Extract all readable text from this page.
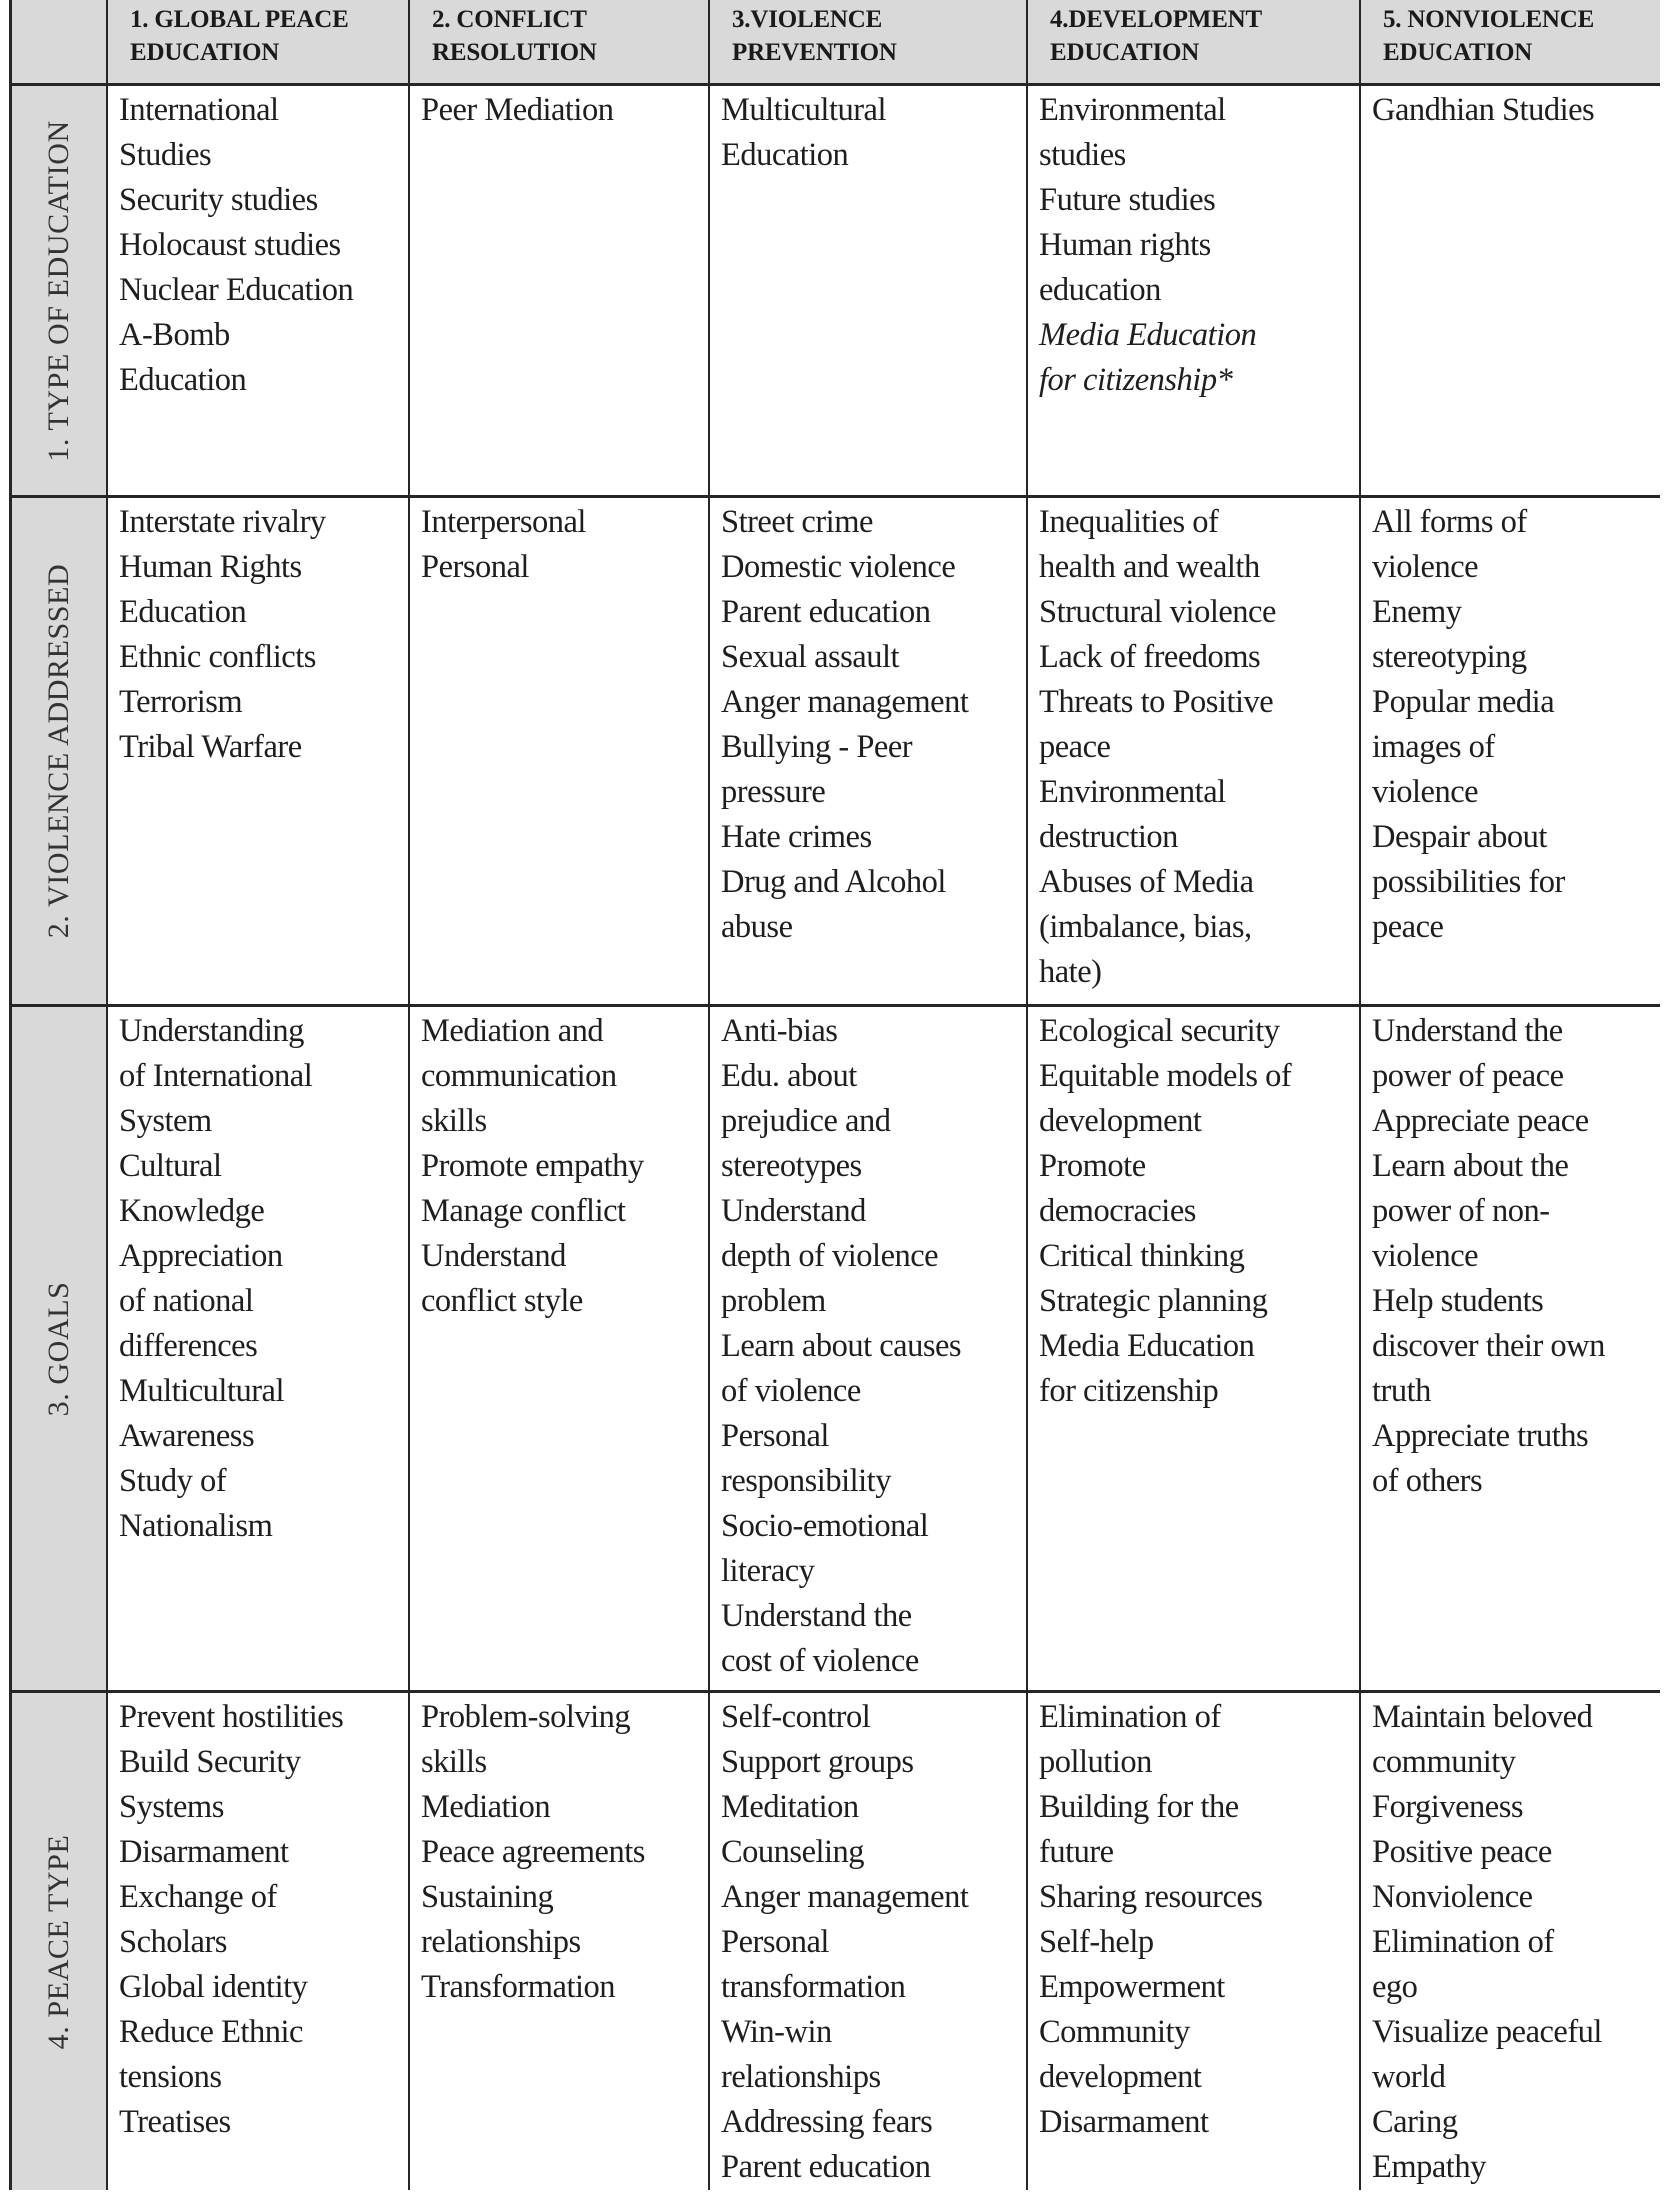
1. GLOBAL PEACE
EDUCATION
2. CONFLICT
RESOLUTION
3.VIOLENCE
PREVENTION
4.DEVELOPMENT
EDUCATION
5. NONVIOLENCE
EDUCATION
1. TYPE OF EDUCATION
International
Studies
Security studies
Holocaust studies
Nuclear Education
A-Bomb
Education
Peer Mediation	Multicultural
Education
Environmental
studies
Future studies
Human rights
education
Media Education
for citizenship*
Gandhian Studies
2. VIOLENCE ADDRESSED
Interstate rivalry
Human Rights
Education
Ethnic conflicts
Terrorism
Tribal Warfare
Interpersonal
Personal
Street crime
Domestic violence
Parent education
Sexual assault
Anger management
Bullying - Peer
pressure
Hate crimes
Drug and Alcohol
abuse
Inequalities of
health and wealth
Structural violence
Lack of freedoms
Threats to Positive
peace
Environmental
destruction
Abuses of Media
(imbalance, bias,
hate)
All forms of
violence
Enemy
stereotyping
Popular media
images of
violence
Despair about
possibilities for
peace
3. GOALS
Understanding
of International
System
Cultural
Knowledge
Appreciation
of national
differences
Multicultural
Awareness
Study of
Nationalism
Mediation and
communication
skills
Promote empathy
Manage conflict
Understand
conflict style
Anti-bias
Edu. about
prejudice and
stereotypes
Understand
depth of violence
problem
Learn about causes
of violence
Personal
responsibility
Socio-emotional
literacy
Understand the
cost of violence
Ecological security
Equitable models of
development
Promote
democracies
Critical thinking
Strategic planning
Media Education
for citizenship
Understand the
power of peace
Appreciate peace
Learn about the
power of non-
violence
Help students
discover their own
truth
Appreciate truths
of others
4. PEACE TYPE
Prevent hostilities
Build Security
Systems
Disarmament
Exchange of
Scholars
Global identity
Reduce Ethnic
tensions
Treatises
Problem-solving
skills
Mediation
Peace agreements
Sustaining
relationships
Transformation
Self-control
Support groups
Meditation
Counseling
Anger management
Personal
transformation
Win-win
relationships
Addressing fears
Parent education
Elimination of
pollution
Building for the
future
Sharing resources
Self-help
Empowerment
Community
development
Disarmament
Maintain beloved
community
Forgiveness
Positive peace
Nonviolence
Elimination of
ego
Visualize peaceful
world
Caring
Empathy
